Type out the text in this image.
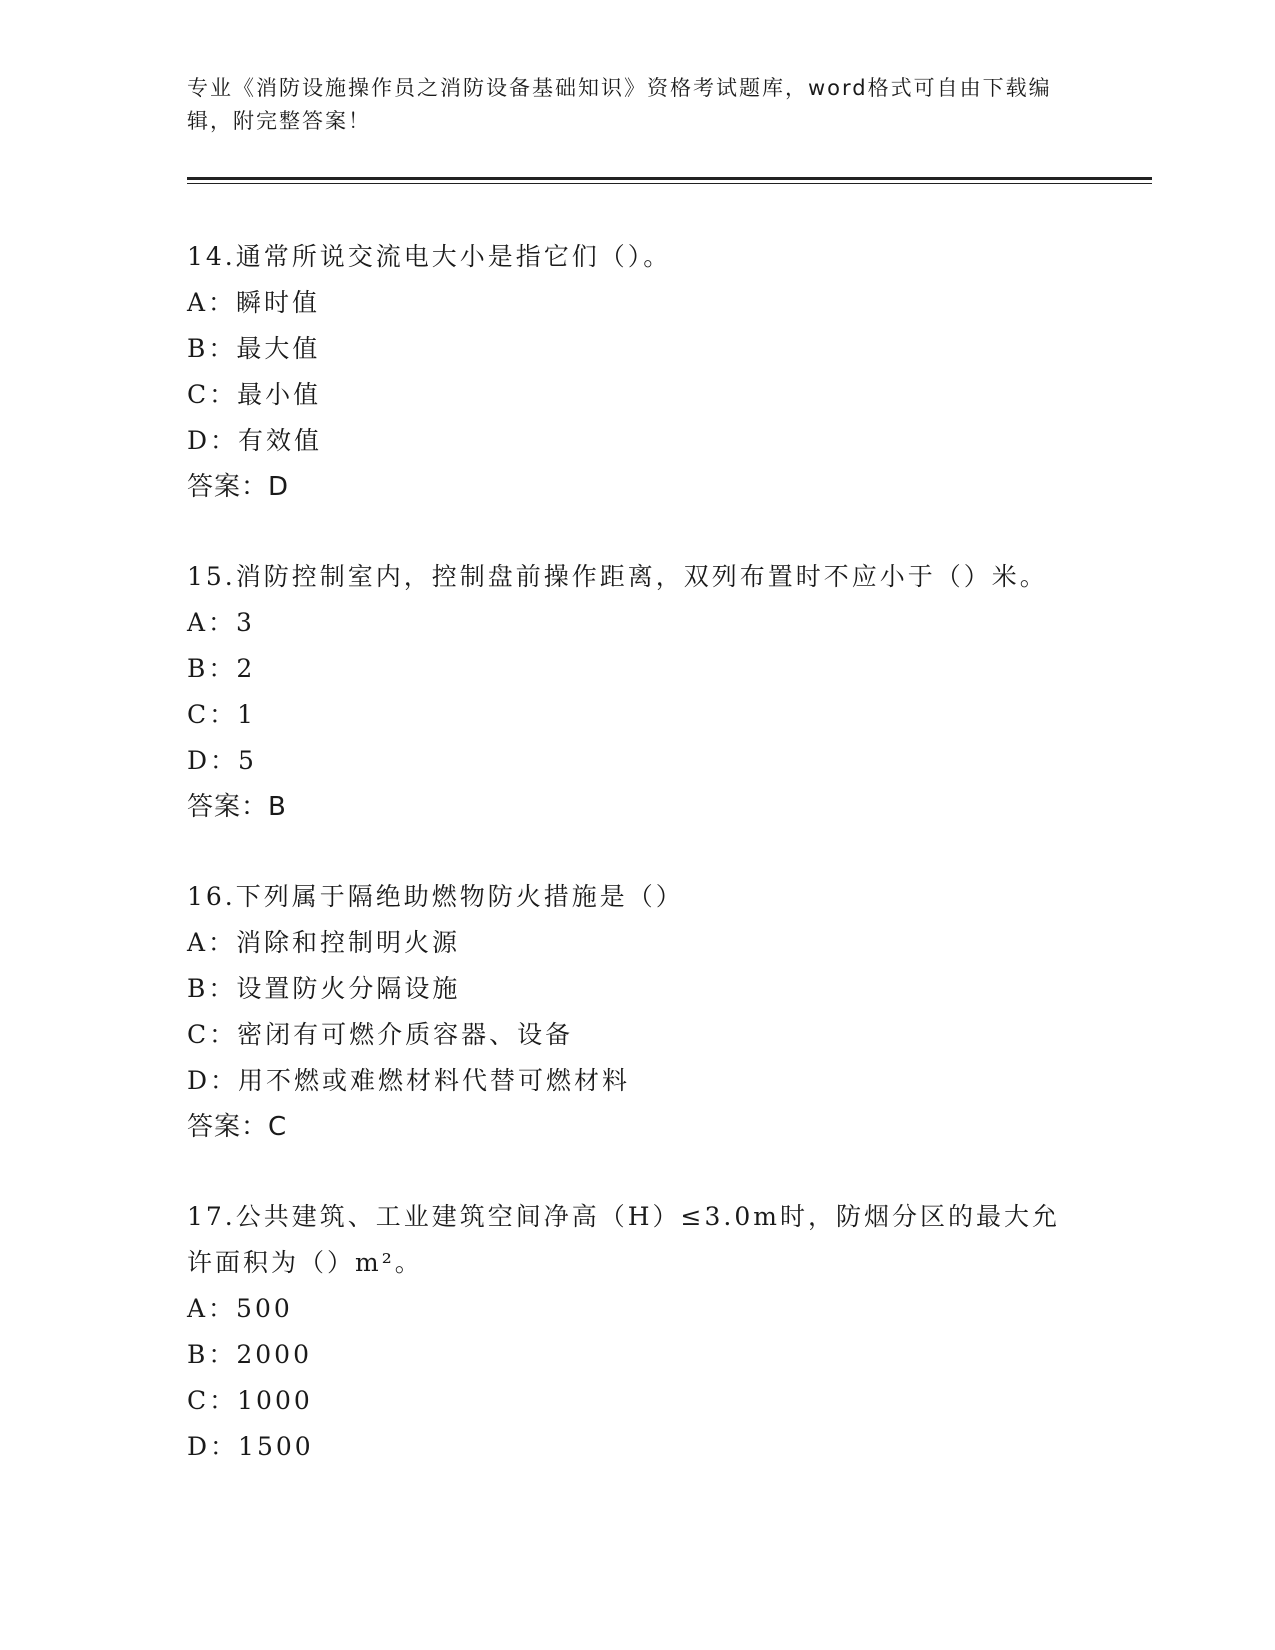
专业《消防设施操作员之消防设备基础知识》资格考试题库，word格式可自由下载编辑，附完整答案！
14.通常所说交流电大小是指它们（）。
A：瞬时值
B：最大值
C：最小值
D：有效值
答案：D
15.消防控制室内，控制盘前操作距离，双列布置时不应小于（）米。
A：3
B：2
C：1
D：5
答案：B
16.下列属于隔绝助燃物防火措施是（）
A：消除和控制明火源
B：设置防火分隔设施
C：密闭有可燃介质容器、设备
D：用不燃或难燃材料代替可燃材料
答案：C
17.公共建筑、工业建筑空间净高（H）≤3.0m时，防烟分区的最大允许面积为（）m²。
A：500
B：2000
C：1000
D：1500
